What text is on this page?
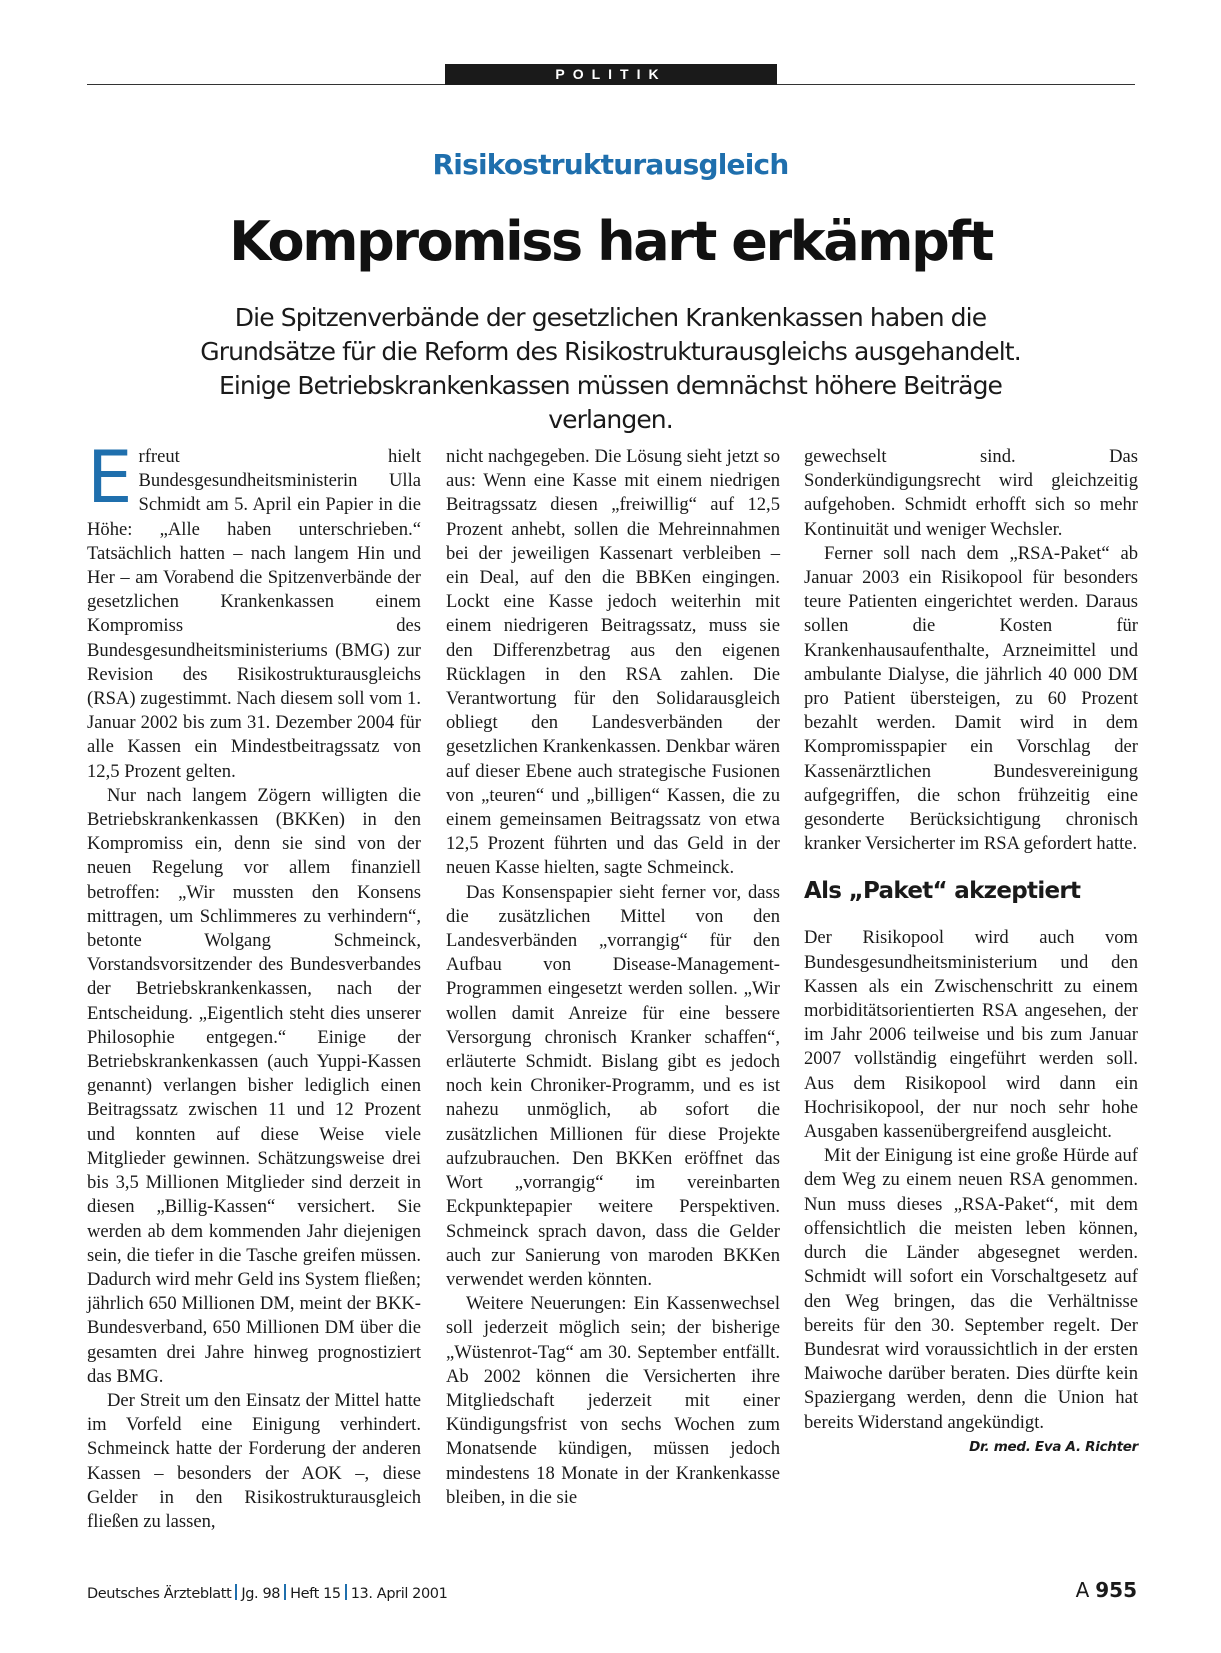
POLITIK
Risikostrukturausgleich
Kompromiss hart erkämpft
Die Spitzenverbände der gesetzlichen Krankenkassen haben die Grundsätze für die Reform des Risikostrukturausgleichs ausgehandelt. Einige Betriebskrankenkassen müssen demnächst höhere Beiträge verlangen.

Erfreut hielt Bundesgesundheitsministerin Ulla Schmidt am 5. April ein Papier in die Höhe: „Alle haben unterschrieben.“ Tatsächlich hatten – nach langem Hin und Her – am Vorabend die Spitzenverbände der gesetzlichen Krankenkassen einem Kompromiss des Bundesgesundheitsministeriums (BMG) zur Revision des Risikostrukturausgleichs (RSA) zugestimmt. Nach diesem soll vom 1. Januar 2002 bis zum 31. Dezember 2004 für alle Kassen ein Mindestbeitragssatz von 12,5 Prozent gelten.

Nur nach langem Zögern willigten die Betriebskrankenkassen (BKKen) in den Kompromiss ein, denn sie sind von der neuen Regelung vor allem finanziell betroffen: „Wir mussten den Konsens mittragen, um Schlimmeres zu verhindern“, betonte Wolgang Schmeinck, Vorstandsvorsitzender des Bundesverbandes der Betriebskrankenkassen, nach der Entscheidung. „Eigentlich steht dies unserer Philosophie entgegen.“ Einige der Betriebskrankenkassen (auch Yuppi-Kassen genannt) verlangen bisher lediglich einen Beitragssatz zwischen 11 und 12 Prozent und konnten auf diese Weise viele Mitglieder gewinnen. Schätzungsweise drei bis 3,5 Millionen Mitglieder sind derzeit in diesen „Billig-Kassen“ versichert. Sie werden ab dem kommenden Jahr diejenigen sein, die tiefer in die Tasche greifen müssen. Dadurch wird mehr Geld ins System fließen; jährlich 650 Millionen DM, meint der BKK-Bundesverband, 650 Millionen DM über die gesamten drei Jahre hinweg prognostiziert das BMG.

Der Streit um den Einsatz der Mittel hatte im Vorfeld eine Einigung verhindert. Schmeinck hatte der Forderung der anderen Kassen – besonders der AOK –, diese Gelder in den Risikostrukturausgleich fließen zu lassen,

nicht nachgegeben. Die Lösung sieht jetzt so aus: Wenn eine Kasse mit einem niedrigen Beitragssatz diesen „freiwillig“ auf 12,5 Prozent anhebt, sollen die Mehreinnahmen bei der jeweiligen Kassenart verbleiben – ein Deal, auf den die BBKen eingingen. Lockt eine Kasse jedoch weiterhin mit einem niedrigeren Beitragssatz, muss sie den Differenzbetrag aus den eigenen Rücklagen in den RSA zahlen. Die Verantwortung für den Solidarausgleich obliegt den Landesverbänden der gesetzlichen Krankenkassen. Denkbar wären auf dieser Ebene auch strategische Fusionen von „teuren“ und „billigen“ Kassen, die zu einem gemeinsamen Beitragssatz von etwa 12,5 Prozent führten und das Geld in der neuen Kasse hielten, sagte Schmeinck.

Das Konsenspapier sieht ferner vor, dass die zusätzlichen Mittel von den Landesverbänden „vorrangig“ für den Aufbau von Disease-Management-Programmen eingesetzt werden sollen. „Wir wollen damit Anreize für eine bessere Versorgung chronisch Kranker schaffen“, erläuterte Schmidt. Bislang gibt es jedoch noch kein Chroniker-Programm, und es ist nahezu unmöglich, ab sofort die zusätzlichen Millionen für diese Projekte aufzubrauchen. Den BKKen eröffnet das Wort „vorrangig“ im vereinbarten Eckpunktepapier weitere Perspektiven. Schmeinck sprach davon, dass die Gelder auch zur Sanierung von maroden BKKen verwendet werden könnten.

Weitere Neuerungen: Ein Kassenwechsel soll jederzeit möglich sein; der bisherige „Wüstenrot-Tag“ am 30. September entfällt. Ab 2002 können die Versicherten ihre Mitgliedschaft jederzeit mit einer Kündigungsfrist von sechs Wochen zum Monatsende kündigen, müssen jedoch mindestens 18 Monate in der Krankenkasse bleiben, in die sie

gewechselt sind. Das Sonderkündigungsrecht wird gleichzeitig aufgehoben. Schmidt erhofft sich so mehr Kontinuität und weniger Wechsler.

Ferner soll nach dem „RSA-Paket“ ab Januar 2003 ein Risikopool für besonders teure Patienten eingerichtet werden. Daraus sollen die Kosten für Krankenhausaufenthalte, Arzneimittel und ambulante Dialyse, die jährlich 40 000 DM pro Patient übersteigen, zu 60 Prozent bezahlt werden. Damit wird in dem Kompromisspapier ein Vorschlag der Kassenärztlichen Bundesvereinigung aufgegriffen, die schon frühzeitig eine gesonderte Berücksichtigung chronisch kranker Versicherter im RSA gefordert hatte.

Als „Paket“ akzeptiert

Der Risikopool wird auch vom Bundesgesundheitsministerium und den Kassen als ein Zwischenschritt zu einem morbiditätsorientierten RSA angesehen, der im Jahr 2006 teilweise und bis zum Januar 2007 vollständig eingeführt werden soll. Aus dem Risikopool wird dann ein Hochrisikopool, der nur noch sehr hohe Ausgaben kassenübergreifend ausgleicht.

Mit der Einigung ist eine große Hürde auf dem Weg zu einem neuen RSA genommen. Nun muss dieses „RSA-Paket“, mit dem offensichtlich die meisten leben können, durch die Länder abgesegnet werden. Schmidt will sofort ein Vorschaltgesetz auf den Weg bringen, das die Verhältnisse bereits für den 30. September regelt. Der Bundesrat wird voraussichtlich in der ersten Maiwoche darüber beraten. Dies dürfte kein Spaziergang werden, denn die Union hat bereits Widerstand angekündigt.
Dr. med. Eva A. Richter

Deutsches Ärzteblatt Jg. 98 Heft 15 13. April 2001	A 955
